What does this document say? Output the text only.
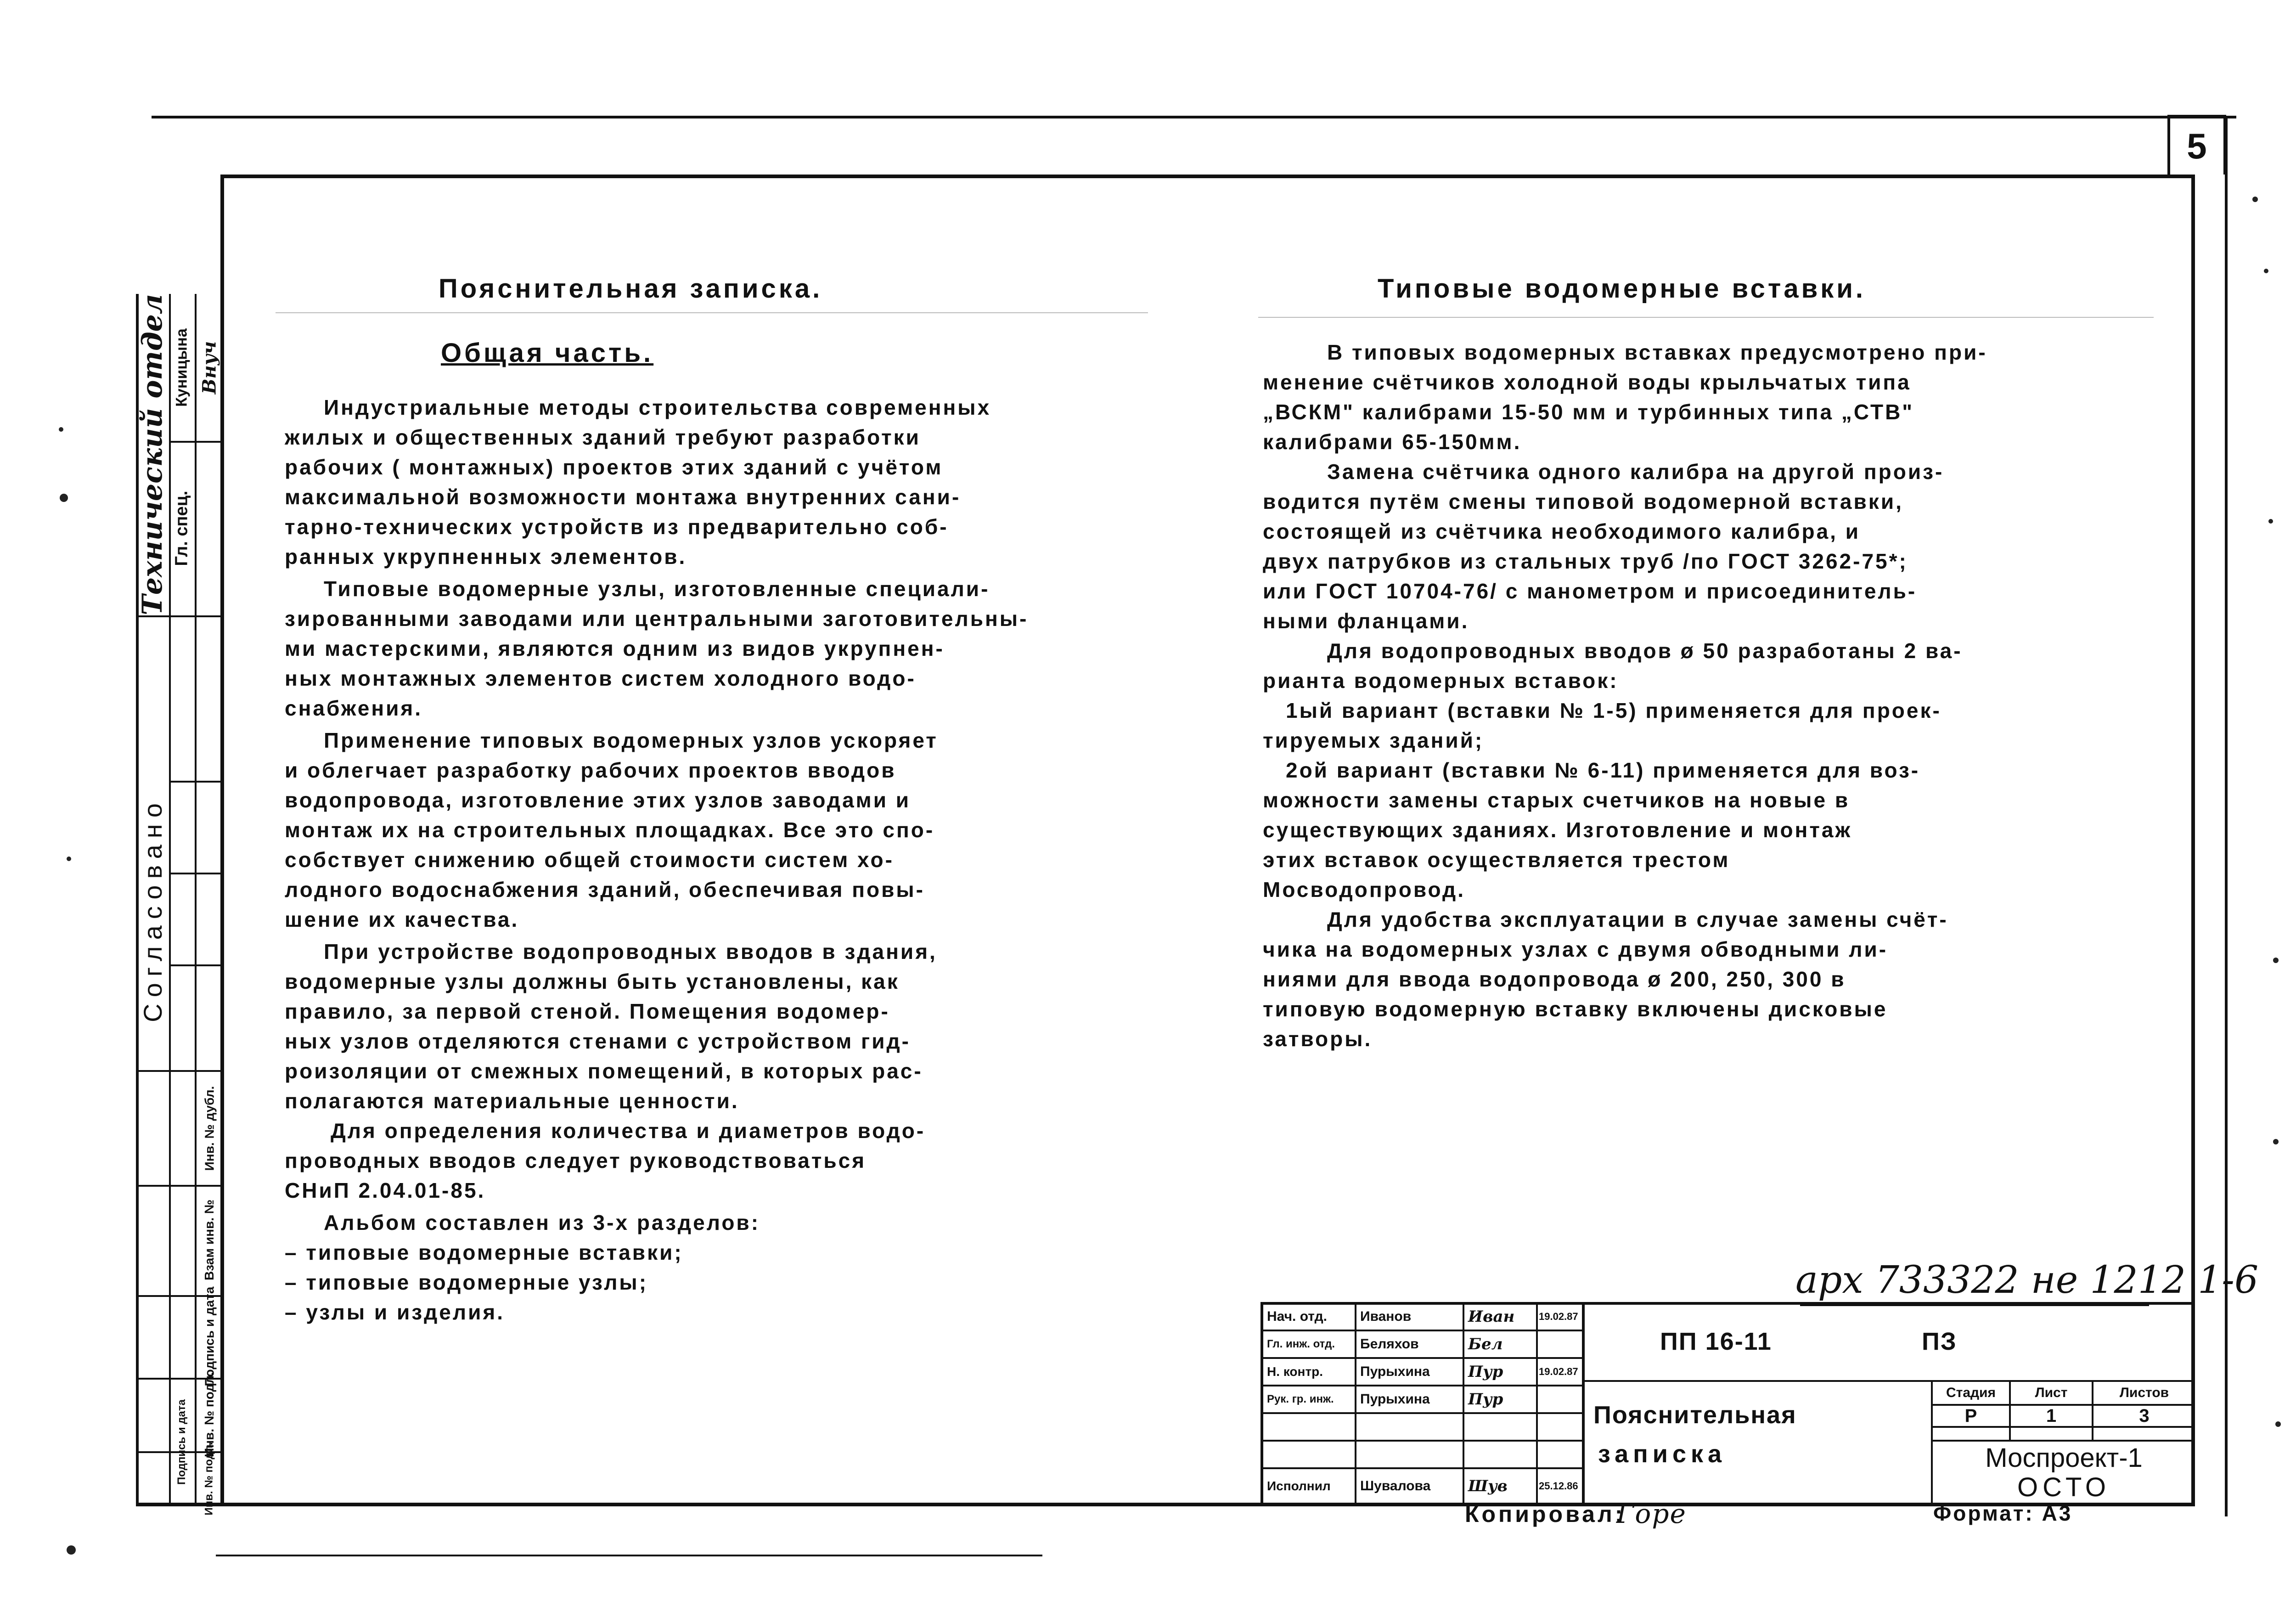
5
Технический отдел Гл. спец.
Внуч
Куницына
Согласовано
Взам инв. №
Подпись и дата
Инв. № подл.
Инв. № дубл.
Инв. № подл.
Подпись и дата
Пояснительная записка.
Общая часть.
Индустриальные методы строительства современных
жилых и общественных зданий требуют разработки
рабочих ( монтажных) проектов этих зданий с учётом
максимальной возможности монтажа внутренних сани-
тарно-технических устройств из предварительно соб-
ранных укрупненных элементов.
Типовые водомерные узлы, изготовленные специали-
зированными заводами или центральными заготовительны-
ми мастерскими, являются одним из видов укрупнен-
ных монтажных элементов систем холодного водо-
снабжения.
Применение типовых водомерных узлов ускоряет
и облегчает разработку рабочих проектов вводов
водопровода, изготовление этих узлов заводами и
монтаж их на строительных площадках. Все это спо-
собствует снижению общей стоимости систем хо-
лодного водоснабжения зданий, обеспечивая повы-
шение их качества.
При устройстве водопроводных вводов в здания,
водомерные узлы должны быть установлены, как
правило, за первой стеной. Помещения водомер-
ных узлов отделяются стенами с устройством гид-
роизоляции от смежных помещений, в которых рас-
полагаются материальные ценности.
Для определения количества и диаметров водо-
проводных вводов следует руководствоваться
СНиП 2.04.01-85.
Альбом составлен из 3-х разделов:
– типовые водомерные вставки;
– типовые водомерные узлы;
– узлы и изделия.
Типовые водомерные вставки.
В типовых водомерных вставках предусмотрено при-
менение счётчиков холодной воды крыльчатых типа
„ВСКМ" калибрами 15-50 мм и турбинных типа „СТВ"
калибрами 65-150мм.
Замена счётчика одного калибра на другой произ-
водится путём смены типовой водомерной вставки,
состоящей из счётчика необходимого калибра, и
двух патрубков из стальных труб /по ГОСТ 3262-75*;
или ГОСТ 10704-76/ с манометром и присоединитель-
ными фланцами.
Для водопроводных вводов ø 50 разработаны 2 ва-
рианта водомерных вставок:
1ый вариант (вставки № 1-5) применяется для проек-
тируемых зданий;
2ой вариант (вставки № 6-11) применяется для воз-
можности замены старых счетчиков на новые в
существующих зданиях. Изготовление и монтаж
этих вставок осуществляется трестом
Мосводопровод.
Для удобства эксплуатации в случае замены счёт-
чика на водомерных узлах с двумя обводными ли-
ниями для ввода водопровода ø 200, 250, 300 в
типовую водомерную вставку включены дисковые
затворы.
арх 733322 не 1212 1-6
Нач. отд.	Иванов	Иван	19.02.87
Гл. инж. отд.	Беляхов	Бел
Н. контр.	Пурыхина	Пур	19.02.87
Рук. гр. инж.	Пурыхина	Пур
Исполнил	Шувалова	Шув	25.12.86
ПП 16-11	ПЗ
Пояснительная
записка
Стадия	Лист	Листов
Р	1	3
Моспроект-1
ОСТО
Копировал:
Горе	Формат: А3
